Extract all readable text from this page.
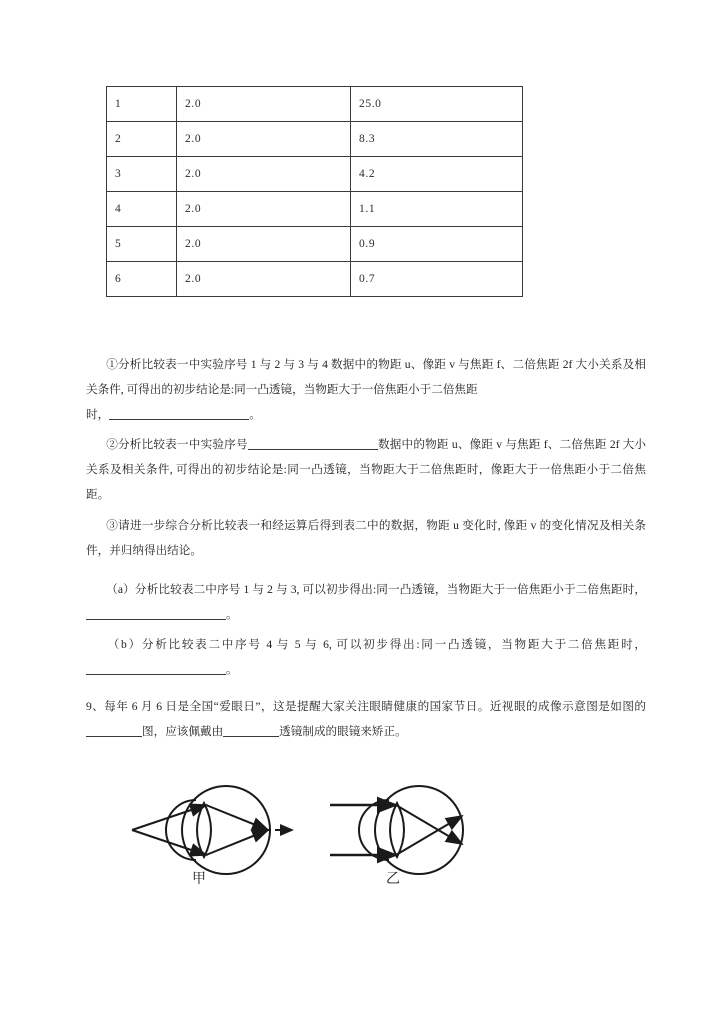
1	2.0	25.0
2	2.0	8.3
3	2.0	4.2
4	2.0	1.1
5	2.0	0.9
6	2.0	0.7
①分析比较表一中实验序号 1 与 2 与 3 与 4 数据中的物距 u、像距 v 与焦距 f、二倍焦距 2f 大小关系及相关条件, 可得出的初步结论是:同一凸透镜，当物距大于一倍焦距小于二倍焦距
时，	。
②分析比较表一中实验序号	数据中的物距 u、像距 v 与焦距 f、二倍焦距 2f 大小关系及相关条件, 可得出的初步结论是:同一凸透镜，当物距大于二倍焦距时，像距大于一倍焦距小于二倍焦距。
③请进一步综合分析比较表一和经运算后得到表二中的数据，物距 u 变化时, 像距 v 的变化情况及相关条件，并归纳得出结论。
（a）分析比较表二中序号 1 与 2 与 3, 可以初步得出:同一凸透镜，当物距大于一倍焦距小于二倍焦距时，。
（b）分析比较表二中序号 4 与 5 与 6, 可以初步得出:同一凸透镜，当物距大于二倍焦距时，。
9、每年 6 月 6 日是全国“爱眼日”，这是提醒大家关注眼睛健康的国家节日。近视眼的成像示意图是如图的图，应该佩戴由	透镜制成的眼镜来矫正。
甲	乙
